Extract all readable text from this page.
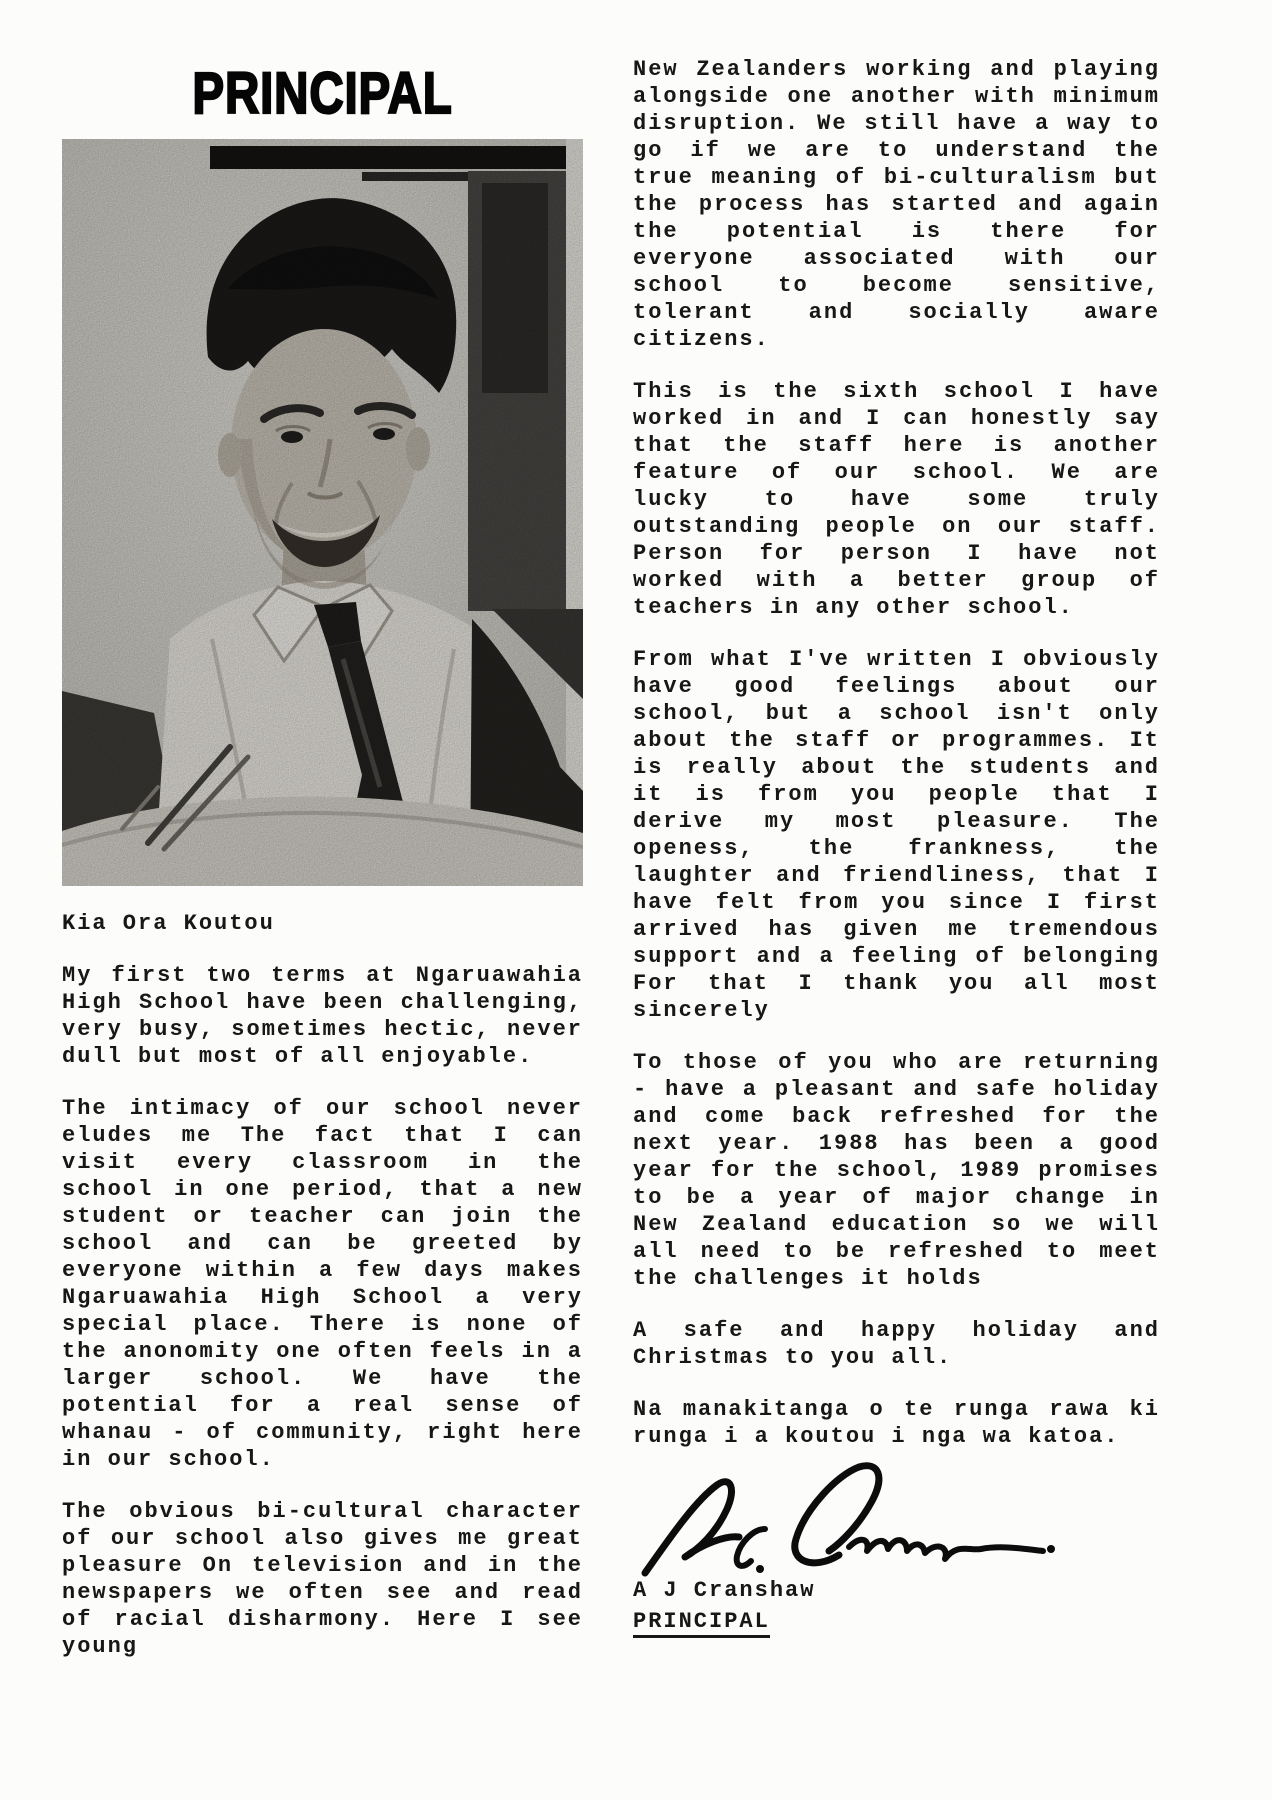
PRINCIPAL
Kia Ora Koutou

My first two terms at Ngaruawahia High School have been challenging, very busy, sometimes hectic, never dull but most of all enjoyable.

The intimacy of our school never eludes me The fact that I can visit every classroom in the school in one period, that a new student or teacher can join the school and can be greeted by everyone within a few days makes Ngaruawahia High School a very special place. There is none of the anonomity one often feels in a larger school. We have the potential for a real sense of whanau - of community, right here in our school.

The obvious bi-cultural character of our school also gives me great pleasure On television and in the newspapers we often see and read of racial disharmony. Here I see young

New Zealanders working and playing alongside one another with minimum disruption. We still have a way to go if we are to understand the true meaning of bi-culturalism but the process has started and again the potential is there for everyone associated with our school to become sensitive, tolerant and socially aware citizens.

This is the sixth school I have worked in and I can honestly say that the staff here is another feature of our school. We are lucky to have some truly outstanding people on our staff. Person for person I have not worked with a better group of teachers in any other school.

From what I've written I obviously have good feelings about our school, but a school isn't only about the staff or programmes. It is really about the students and it is from you people that I derive my most pleasure. The openess, the frankness, the laughter and friendliness, that I have felt from you since I first arrived has given me tremendous support and a feeling of belonging For that I thank you all most sincerely

To those of you who are returning - have a pleasant and safe holiday and come back refreshed for the next year. 1988 has been a good year for the school, 1989 promises to be a year of major change in New Zealand education so we will all need to be refreshed to meet the challenges it holds

A safe and happy holiday and Christmas to you all.

Na manakitanga o te runga rawa ki runga i a koutou i nga wa katoa.

A J Cranshaw
PRINCIPAL
